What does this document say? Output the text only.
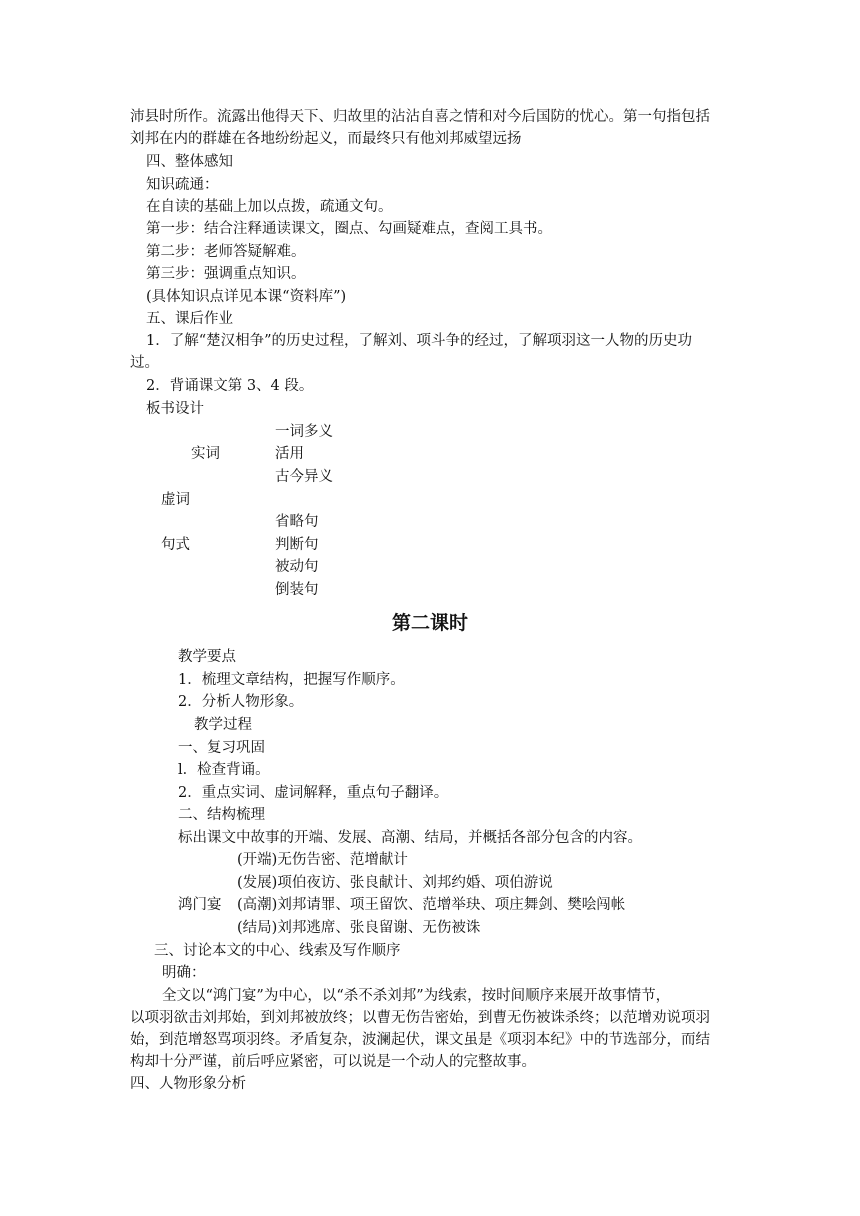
沛县时所作。流露出他得天下、归故里的沾沾自喜之情和对今后国防的忧心。第一句指包括
刘邦在内的群雄在各地纷纷起义，而最终只有他刘邦威望远扬
四、整体感知
知识疏通：
在自读的基础上加以点拨，疏通文句。
第一步：结合注释通读课文，圈点、勾画疑难点，查阅工具书。
第二步：老师答疑解难。
第三步：强调重点知识。
(具体知识点详见本课“资料库”)
五、课后作业
1．了解“楚汉相争”的历史过程，了解刘、项斗争的经过，了解项羽这一人物的历史功
过。
2．背诵课文第 3、4 段。
板书设计
一词多义
实词	活用
古今异义
虚词
省略句
句式	判断句
被动句
倒装句
第二课时
教学要点
1．梳理文章结构，把握写作顺序。
2．分析人物形象。
教学过程
一、复习巩固
l．检查背诵。
2．重点实词、虚词解释，重点句子翻译。
二、结构梳理
标出课文中故事的开端、发展、高潮、结局，并概括各部分包含的内容。
(开端)无伤告密、范增献计
(发展)项伯夜访、张良献计、刘邦约婚、项伯游说
鸿门宴 (高潮)刘邦请罪、项王留饮、范增举玦、项庄舞剑、樊哙闯帐
(结局)刘邦逃席、张良留谢、无伤被诛
三、讨论本文的中心、线索及写作顺序
明确：
全文以“鸿门宴”为中心，以“杀不杀刘邦”为线索，按时间顺序来展开故事情节，
以项羽欲击刘邦始，到刘邦被放终；以曹无伤告密始，到曹无伤被诛杀终；以范增劝说项羽
始，到范增怒骂项羽终。矛盾复杂，波澜起伏，课文虽是《项羽本纪》中的节选部分，而结
构却十分严谨，前后呼应紧密，可以说是一个动人的完整故事。
四、人物形象分析
